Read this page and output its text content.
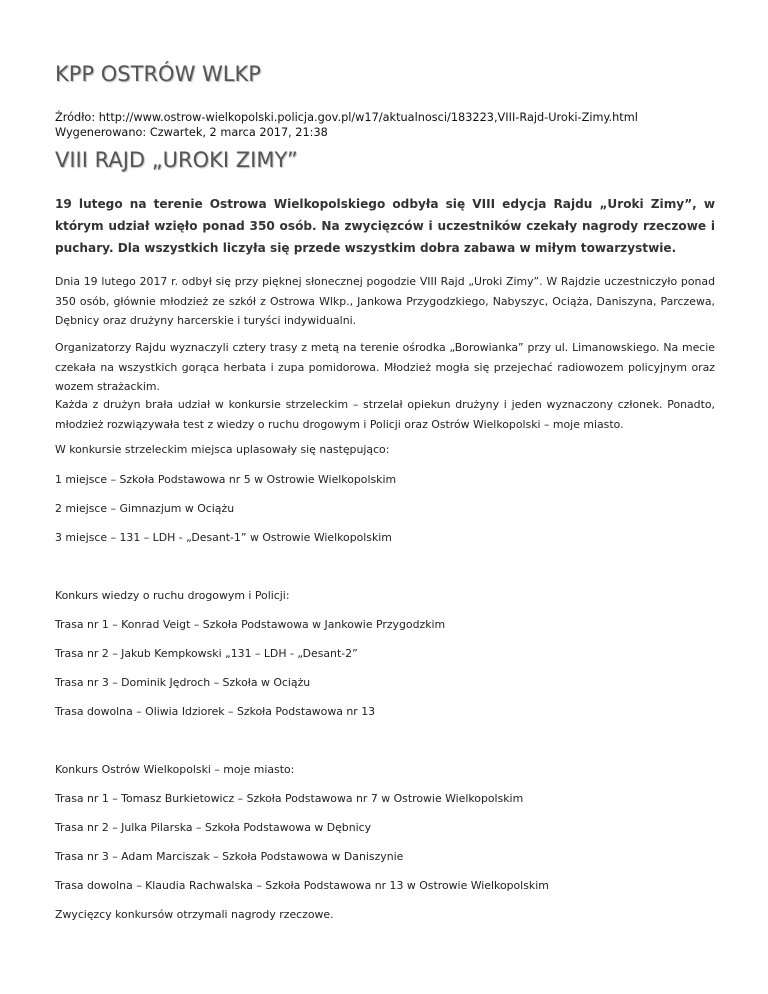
KPP OSTRÓW WLKP
Źródło: http://www.ostrow-wielkopolski.policja.gov.pl/w17/aktualnosci/183223,VIII-Rajd-Uroki-Zimy.html
Wygenerowano: Czwartek, 2 marca 2017, 21:38
VIII RAJD „UROKI ZIMY”

19 lutego na terenie Ostrowa Wielkopolskiego odbyła się VIII edycja Rajdu „Uroki Zimy”, w którym udział wzięło ponad 350 osób. Na zwycięzców i uczestników czekały nagrody rzeczowe i puchary. Dla wszystkich liczyła się przede wszystkim dobra zabawa w miłym towarzystwie.

Dnia 19 lutego 2017 r. odbył się przy pięknej słonecznej pogodzie VIII Rajd „Uroki Zimy”. W Rajdzie uczestniczyło ponad 350 osób, głównie młodzież ze szkół z Ostrowa Wlkp., Jankowa Przygodzkiego, Nabyszyc, Ociąża, Daniszyna, Parczewa, Dębnicy oraz drużyny harcerskie i turyści indywidualni.

Organizatorzy Rajdu wyznaczyli cztery trasy z metą na terenie ośrodka „Borowianka” przy ul. Limanowskiego. Na mecie czekała na wszystkich gorąca herbata i zupa pomidorowa. Młodzież mogła się przejechać radiowozem policyjnym oraz wozem strażackim.

Każda z drużyn brała udział w konkursie strzeleckim – strzelał opiekun drużyny i jeden wyznaczony członek. Ponadto, młodzież rozwiązywała test z wiedzy o ruchu drogowym i Policji oraz Ostrów Wielkopolski – moje miasto.

W konkursie strzeleckim miejsca uplasowały się następująco:

1 miejsce – Szkoła Podstawowa nr 5 w Ostrowie Wielkopolskim

2 miejsce – Gimnazjum w Ociążu

3 miejsce – 131 – LDH - „Desant-1” w Ostrowie Wielkopolskim

Konkurs wiedzy o ruchu drogowym i Policji:

Trasa nr 1 – Konrad Veigt – Szkoła Podstawowa w Jankowie Przygodzkim

Trasa nr 2 – Jakub Kempkowski „131 – LDH - „Desant-2”

Trasa nr 3 – Dominik Jędroch – Szkoła w Ociążu

Trasa dowolna – Oliwia Idziorek – Szkoła Podstawowa nr 13

Konkurs Ostrów Wielkopolski – moje miasto:

Trasa nr 1 – Tomasz Burkietowicz – Szkoła Podstawowa nr 7 w Ostrowie Wielkopolskim

Trasa nr 2 – Julka Pilarska – Szkoła Podstawowa w Dębnicy

Trasa nr 3 – Adam Marciszak – Szkoła Podstawowa w Daniszynie

Trasa dowolna – Klaudia Rachwalska – Szkoła Podstawowa nr 13 w Ostrowie Wielkopolskim

Zwycięzcy konkursów otrzymali nagrody rzeczowe.
